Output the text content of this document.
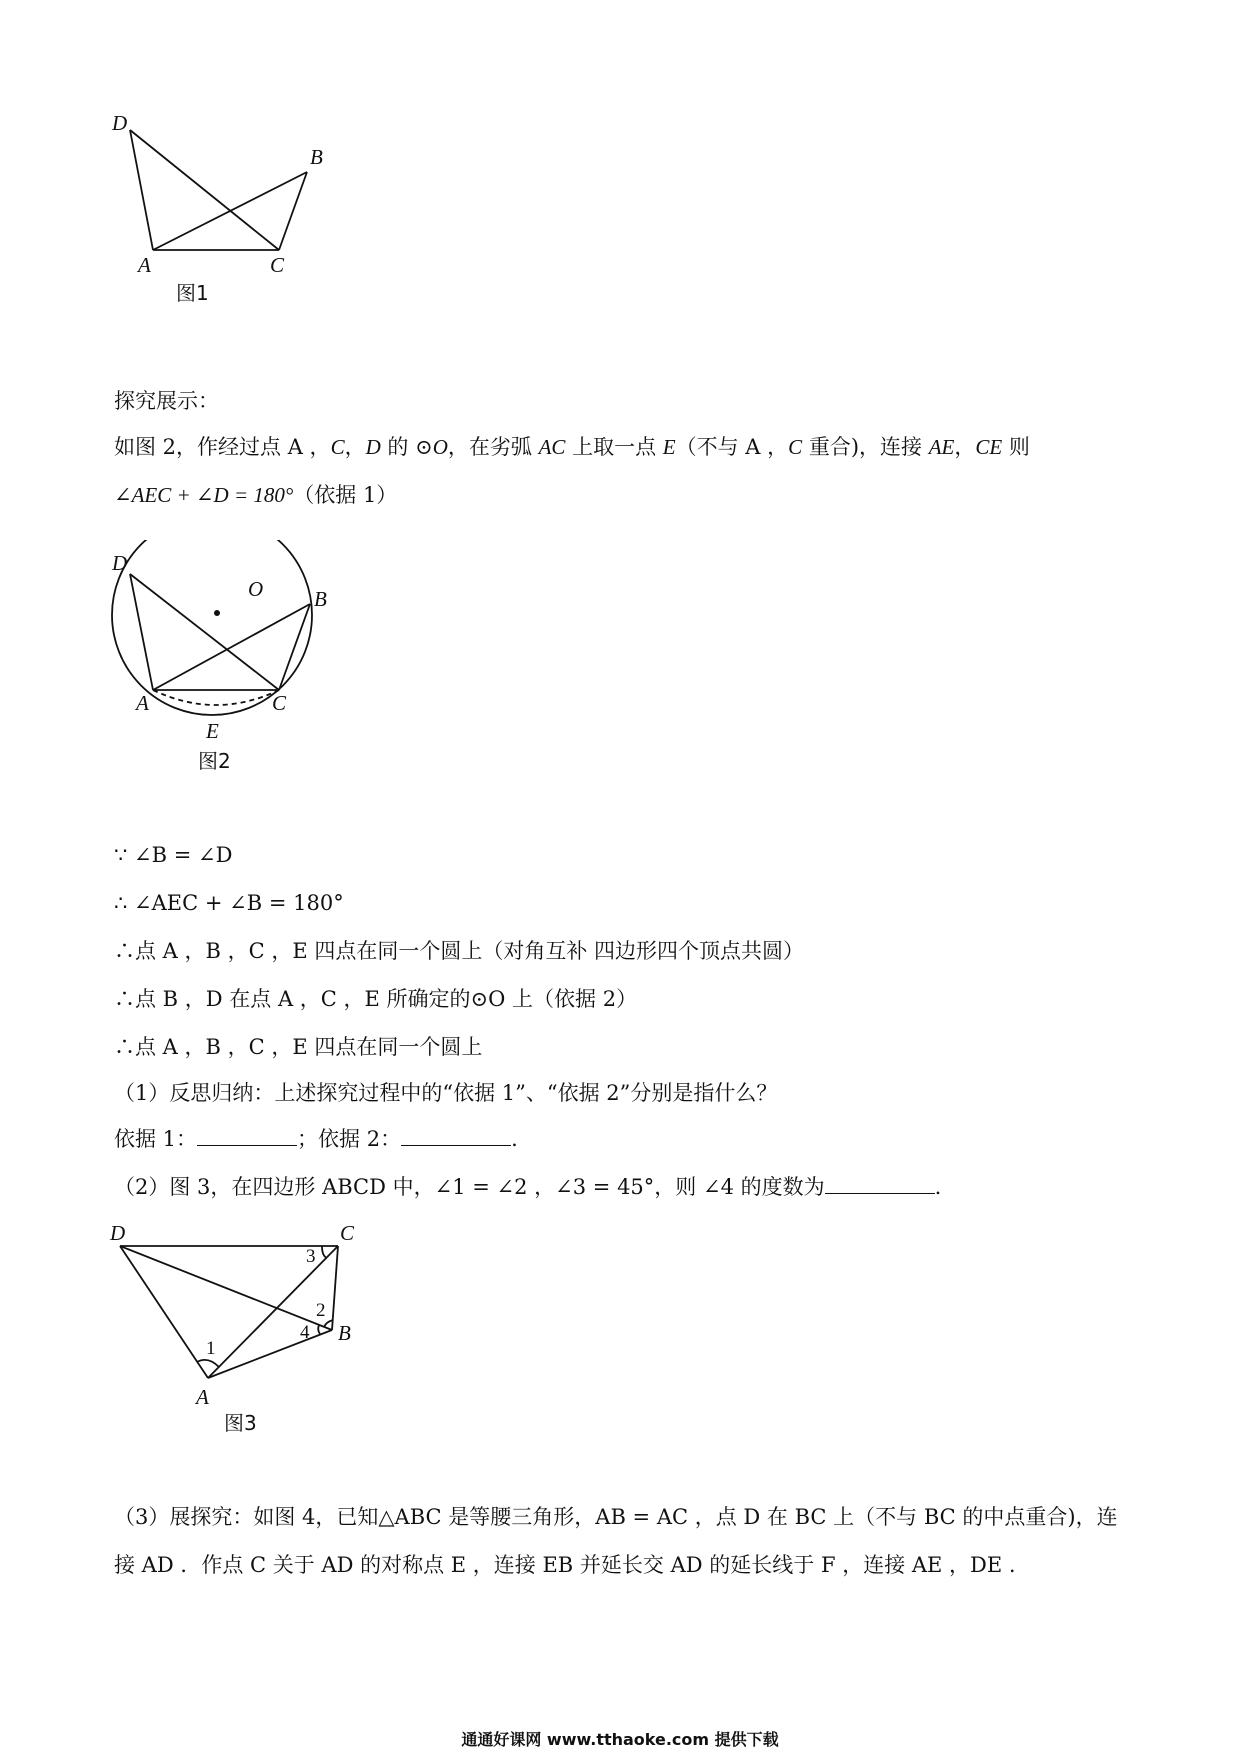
D
B
A	C
图1
探究展示：
如图 2，作经过点 A ，C，D 的 ⊙O，在劣弧 AC 上取一点 E（不与 A ，C 重合)，连接 AE，CE 则
∠AEC + ∠D = 180°（依据 1）
D
O B
A	C
E
图2
∵ ∠B = ∠D
∴ ∠AEC + ∠B = 180°
∴点 A ，B ，C ，E 四点在同一个圆上（对角互补 四边形四个顶点共圆）
∴点 B ，D 在点 A ，C ，E 所确定的⊙O 上（依据 2）
∴点 A ，B ，C ，E 四点在同一个圆上
（1）反思归纳：上述探究过程中的“依据 1”、“依据 2”分别是指什么？
依据 1：	；依据 2：	.
（2）图 3，在四边形 ABCD 中，∠1 = ∠2 ，∠3 = 45°，则 ∠4 的度数为	.
D	C
B
A
1
2
3
4
图3
（3）展探究：如图 4，已知△ABC 是等腰三角形，AB = AC ，点 D 在 BC 上（不与 BC 的中点重合)，连
接 AD ．作点 C 关于 AD 的对称点 E ，连接 EB 并延长交 AD 的延长线于 F ，连接 AE ，DE .
通通好课网 www.tthaoke.com 提供下载
